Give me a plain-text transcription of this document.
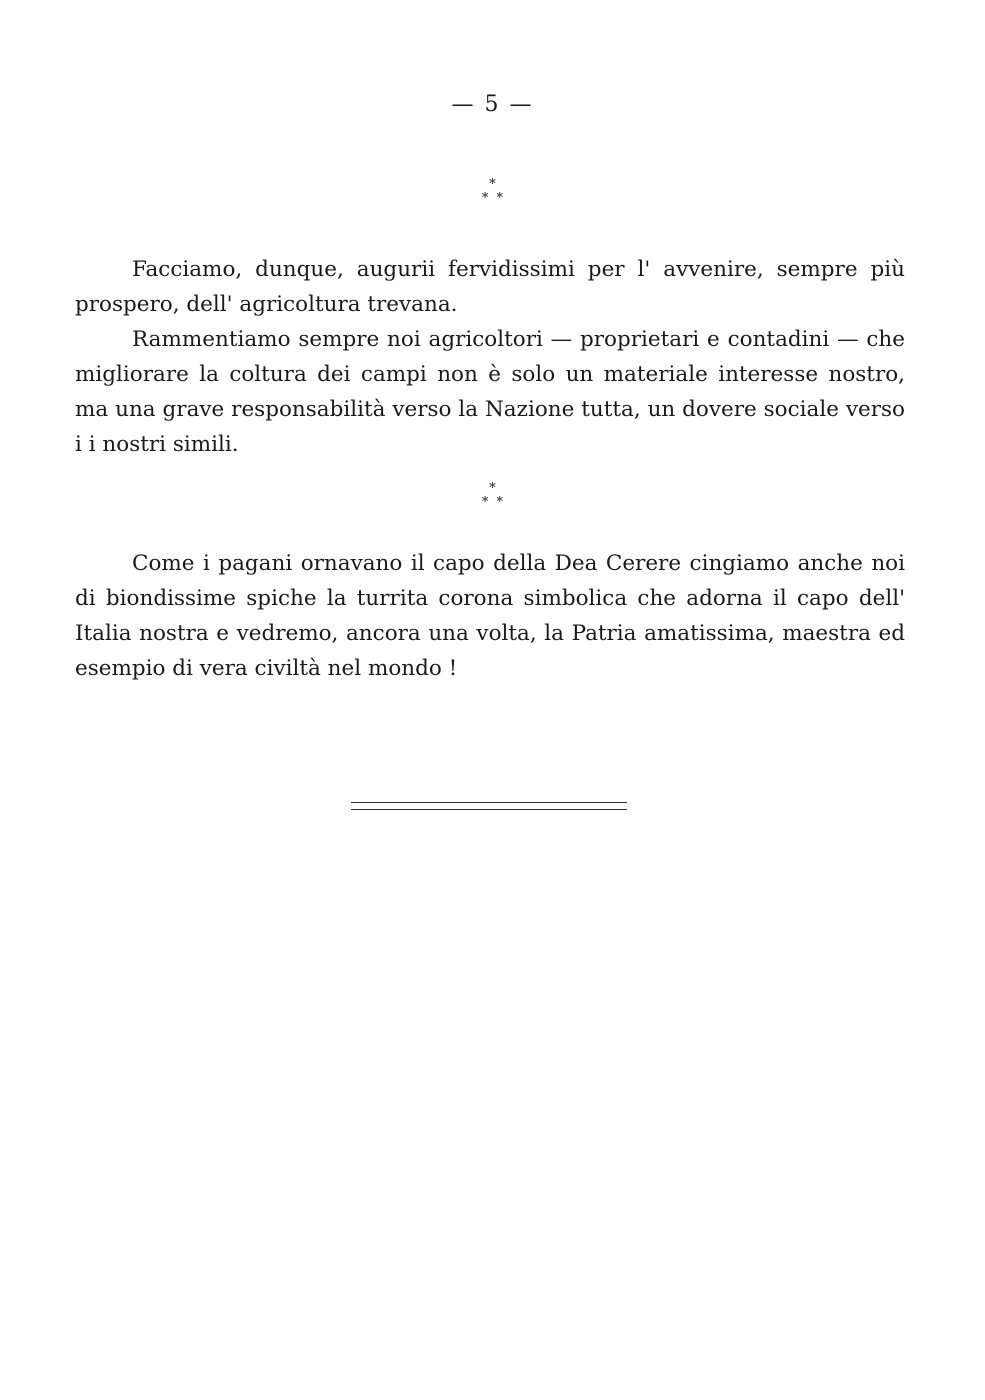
— 5 —
*
* *

Facciamo, dunque, augurii fervidissimi per l' avvenire, sempre più prospero, dell' agricoltura trevana.

Rammentiamo sempre noi agricoltori — proprietari e contadini — che migliorare la coltura dei campi non è solo un materiale interesse nostro, ma una grave responsabilità verso la Nazione tutta, un dovere sociale verso i i nostri simili.

*
* *

Come i pagani ornavano il capo della Dea Cerere cingiamo anche noi di biondissime spiche la turrita corona simbolica che adorna il capo dell' Italia nostra e vedremo, ancora una volta, la Patria amatissima, maestra ed esempio di vera civiltà nel mondo !
